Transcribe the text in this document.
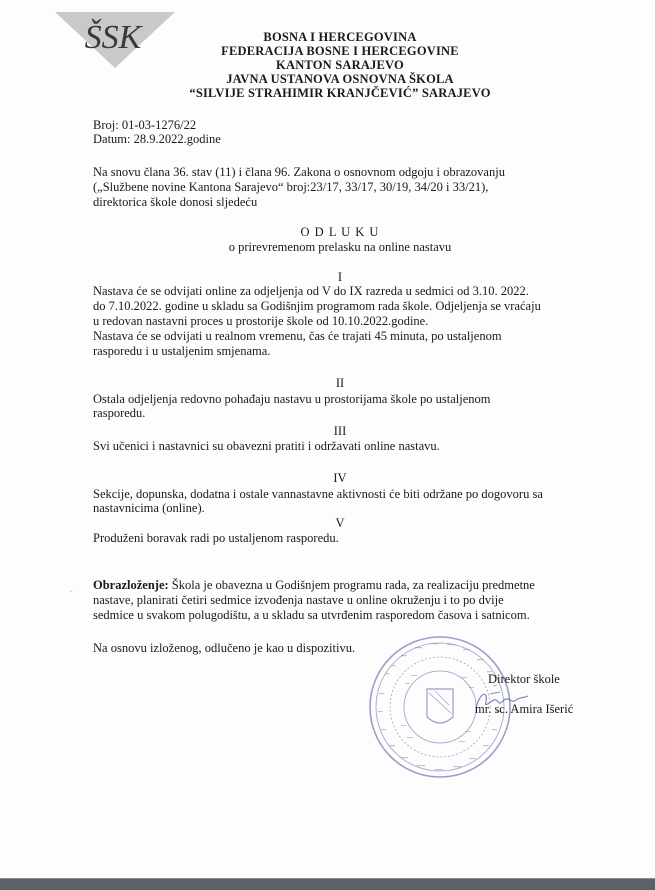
ŠSK	BOSNA I HERCEGOVINA
FEDERACIJA BOSNE I HERCEGOVINE
KANTON SARAJEVO
JAVNA USTANOVA OSNOVNA ŠKOLA
“SILVIJE STRAHIMIR KRANJČEVIĆ” SARAJEVO
Broj: 01-03-1276/22
Datum: 28.9.2022.godine
Na snovu člana 36. stav (11) i člana 96. Zakona o osnovnom odgoju i obrazovanju
(„Službene novine Kantona Sarajevo“ broj:23/17, 33/17, 30/19, 34/20 i 33/21),
direktorica škole donosi sljedeću
O D L U K U
o prirevremenom prelasku na online nastavu
I
Nastava će se odvijati online za odjeljenja od V do IX razreda u sedmici od 3.10. 2022.
do 7.10.2022. godine u skladu sa Godišnjim programom rada škole. Odjeljenja se vraćaju
u redovan nastavni proces u prostorije škole od 10.10.2022.godine.
Nastava će se odvijati u realnom vremenu, čas će trajati 45 minuta, po ustaljenom
rasporedu i u ustaljenim smjenama.
II
Ostala odjeljenja redovno pohađaju nastavu u prostorijama škole po ustaljenom
rasporedu.
III
Svi učenici i nastavnici su obavezni pratiti i održavati online nastavu.
IV
Sekcije, dopunska, dodatna i ostale vannastavne aktivnosti će biti održane po dogovoru sa
nastavnicima (online).
V
Produženi boravak radi po ustaljenom rasporedu.
˘
Obrazloženje: Škola je obavezna u Godišnjem programu rada, za realizaciju predmetne
nastave, planirati četiri sedmice izvođenja nastave u online okruženju i to po dvije
sedmice u svakom polugodištu, a u skladu sa utvrđenim rasporedom časova i satnicom.
Na osnovu izloženog, odlučeno je kao u dispozitivu.
Direktor škole
mr. sc. Amira Išerić
